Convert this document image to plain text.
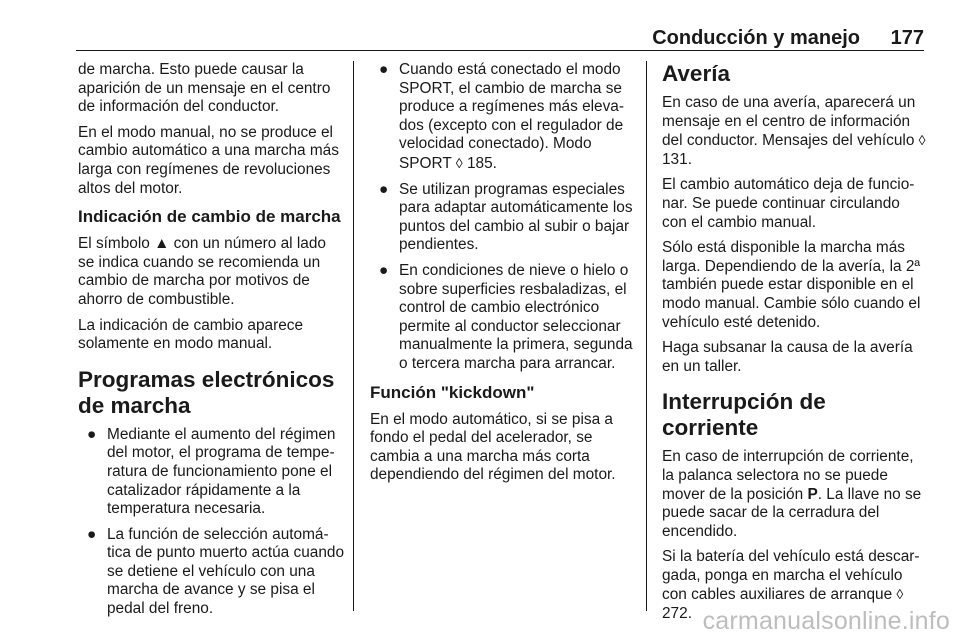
Conducción y manejo 177

de marcha. Esto puede causar la aparición de un mensaje en el centro de información del conductor.

En el modo manual, no se produce el cambio automático a una marcha más larga con regímenes de revoluciones altos del motor.

Indicación de cambio de marcha

El símbolo ▲ con un número al lado se indica cuando se recomienda un cambio de marcha por motivos de ahorro de combustible.

La indicación de cambio aparece solamente en modo manual.

Programas electrónicos de marcha
● Mediante el aumento del régimen del motor, el programa de temperatura de funcionamiento pone el catalizador rápidamente a la temperatura necesaria.
● La función de selección automática de punto muerto actúa cuando se detiene el vehículo con una marcha de avance y se pisa el pedal del freno.
● Cuando está conectado el modo SPORT, el cambio de marcha se produce a regímenes más elevados (excepto con el regulador de velocidad conectado). Modo SPORT ◊ 185.
● Se utilizan programas especiales para adaptar automáticamente los puntos del cambio al subir o bajar pendientes.
● En condiciones de nieve o hielo o sobre superficies resbaladizas, el control de cambio electrónico permite al conductor seleccionar manualmente la primera, segunda o tercera marcha para arrancar.
Función "kickdown"

En el modo automático, si se pisa a fondo el pedal del acelerador, se cambia a una marcha más corta dependiendo del régimen del motor.

Avería

En caso de una avería, aparecerá un mensaje en el centro de información del conductor. Mensajes del vehículo ◊ 131.

El cambio automático deja de funcionar. Se puede continuar circulando con el cambio manual.

Sólo está disponible la marcha más larga. Dependiendo de la avería, la 2ª también puede estar disponible en el modo manual. Cambie sólo cuando el vehículo esté detenido.

Haga subsanar la causa de la avería en un taller.

Interrupción de corriente

En caso de interrupción de corriente, la palanca selectora no se puede mover de la posición P. La llave no se puede sacar de la cerradura del encendido.

Si la batería del vehículo está descargada, ponga en marcha el vehículo con cables auxiliares de arranque ◊ 272. carmanualsonline.info
